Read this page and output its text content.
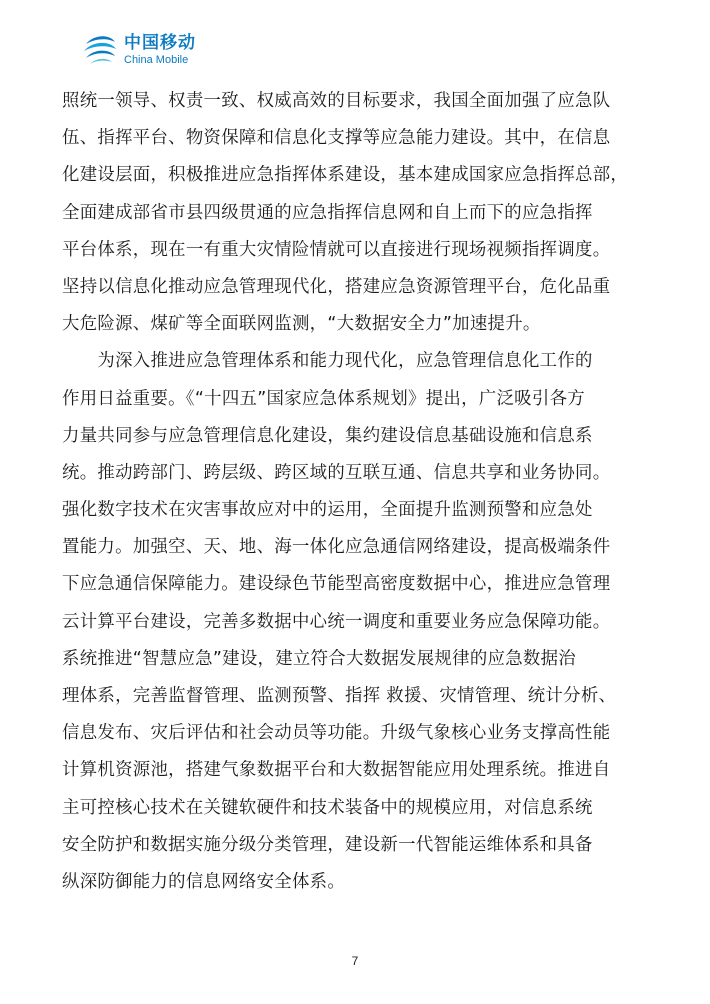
中国移动
China Mobile
照统一领导、权责一致、权威高效的目标要求，我国全面加强了应急队
伍、指挥平台、物资保障和信息化支撑等应急能力建设。其中，在信息
化建设层面，积极推进应急指挥体系建设，基本建成国家应急指挥总部，
全面建成部省市县四级贯通的应急指挥信息网和自上而下的应急指挥
平台体系，现在一有重大灾情险情就可以直接进行现场视频指挥调度。
坚持以信息化推动应急管理现代化，搭建应急资源管理平台，危化品重
大危险源、煤矿等全面联网监测，“大数据安全力”加速提升。
　　为深入推进应急管理体系和能力现代化，应急管理信息化工作的
作用日益重要。《“十四五”国家应急体系规划》提出，广泛吸引各方
力量共同参与应急管理信息化建设，集约建设信息基础设施和信息系
统。推动跨部门、跨层级、跨区域的互联互通、信息共享和业务协同。
强化数字技术在灾害事故应对中的运用，全面提升监测预警和应急处
置能力。加强空、天、地、海一体化应急通信网络建设，提高极端条件
下应急通信保障能力。建设绿色节能型高密度数据中心，推进应急管理
云计算平台建设，完善多数据中心统一调度和重要业务应急保障功能。
系统推进“智慧应急”建设，建立符合大数据发展规律的应急数据治
理体系，完善监督管理、监测预警、指挥 救援、灾情管理、统计分析、
信息发布、灾后评估和社会动员等功能。升级气象核心业务支撑高性能
计算机资源池，搭建气象数据平台和大数据智能应用处理系统。推进自
主可控核心技术在关键软硬件和技术装备中的规模应用，对信息系统
安全防护和数据实施分级分类管理，建设新一代智能运维体系和具备
纵深防御能力的信息网络安全体系。
7
